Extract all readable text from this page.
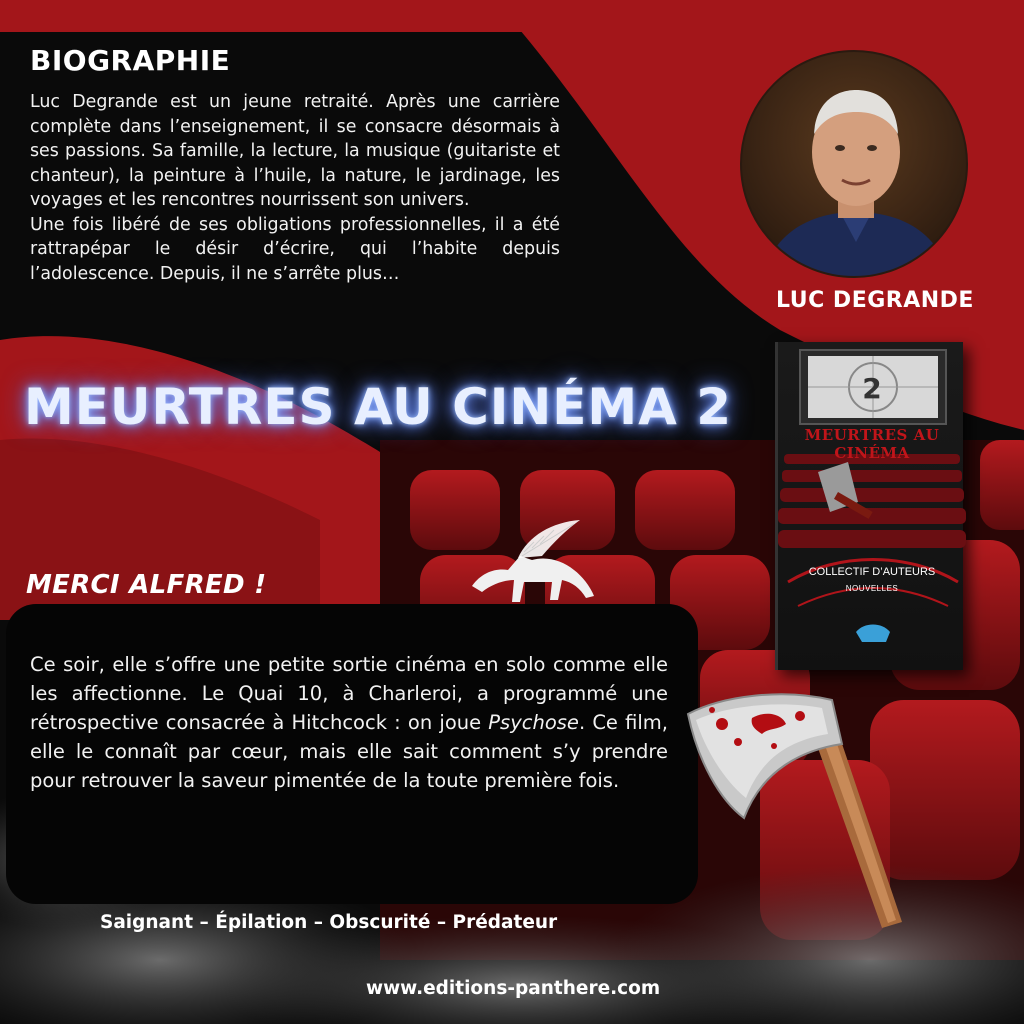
BIOGRAPHIE

Luc Degrande est un jeune retraité. Après une carrière complète dans l’enseignement, il se consacre désormais à ses passions. Sa famille, la lecture, la musique (guitariste et chanteur), la peinture à l’huile, la nature, le jardinage, les voyages et les rencontres nourrissent son univers.

Une fois libéré de ses obligations professionnelles, il a été rattrapépar le désir d’écrire, qui l’habite depuis l’adolescence. Depuis, il ne s’arrête plus…

LUC DEGRANDE
MEURTRES AU CINÉMA 2	2
MEURTRES AU CINÉMA
COLLECTIF D’AUTEURS
NOUVELLES
MERCI ALFRED !
Ce soir, elle s’offre une petite sortie cinéma en solo comme elle les affectionne. Le Quai 10, à Charleroi, a programmé une rétrospective consacrée à Hitchcock : on joue Psychose. Ce film, elle le connaît par cœur, mais elle sait comment s’y prendre pour retrouver la saveur pimentée de la toute première fois.
Saignant – Épilation – Obscurité – Prédateur
www.editions-panthere.com
